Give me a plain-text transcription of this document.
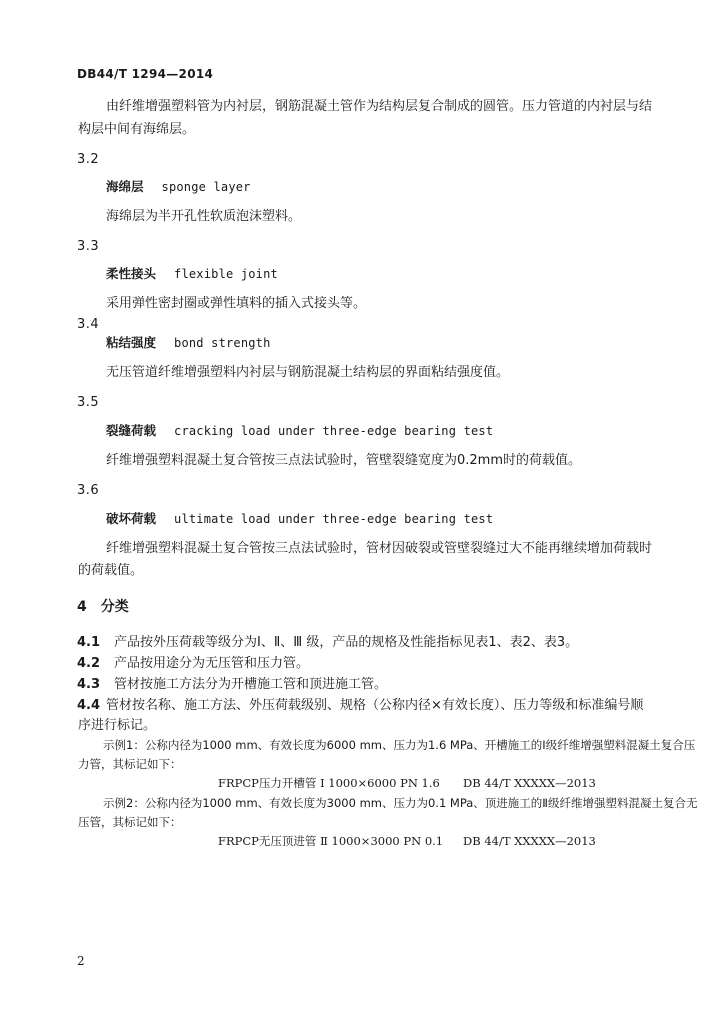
DB44/T 1294—2014
由纤维增强塑料管为内衬层，钢筋混凝土管作为结构层复合制成的圆管。压力管道的内衬层与结
构层中间有海绵层。
3.2
海绵层 sponge layer
海绵层为半开孔性软质泡沫塑料。
3.3
柔性接头 flexible joint
采用弹性密封圈或弹性填料的插入式接头等。
3.4
粘结强度 bond strength
无压管道纤维增强塑料内衬层与钢筋混凝土结构层的界面粘结强度值。
3.5
裂缝荷载 cracking load under three-edge bearing test
纤维增强塑料混凝土复合管按三点法试验时，管壁裂缝宽度为0.2mm时的荷载值。
3.6
破坏荷载 ultimate load under three-edge bearing test
纤维增强塑料混凝土复合管按三点法试验时，管材因破裂或管壁裂缝过大不能再继续增加荷载时
的荷载值。
4 分类
4.1 产品按外压荷载等级分为Ⅰ、Ⅱ、Ⅲ 级，产品的规格及性能指标见表1、表2、表3。
4.2 产品按用途分为无压管和压力管。
4.3 管材按施工方法分为开槽施工管和顶进施工管。
4.4 管材按名称、施工方法、外压荷载级别、规格（公称内径×有效长度）、压力等级和标准编号顺
序进行标记。
示例1：公称内径为1000 mm、有效长度为6000 mm、压力为1.6 MPa、开槽施工的Ⅰ级纤维增强塑料混凝土复合压
力管，其标记如下：
FRPCP压力开槽管 Ⅰ 1000×6000 PN 1.6 DB 44/T XXXXX—2013
示例2：公称内径为1000 mm、有效长度为3000 mm、压力为0.1 MPa、顶进施工的Ⅱ级纤维增强塑料混凝土复合无
压管，其标记如下：
FRPCP无压顶进管 Ⅱ 1000×3000 PN 0.1 DB 44/T XXXXX—2013
2
